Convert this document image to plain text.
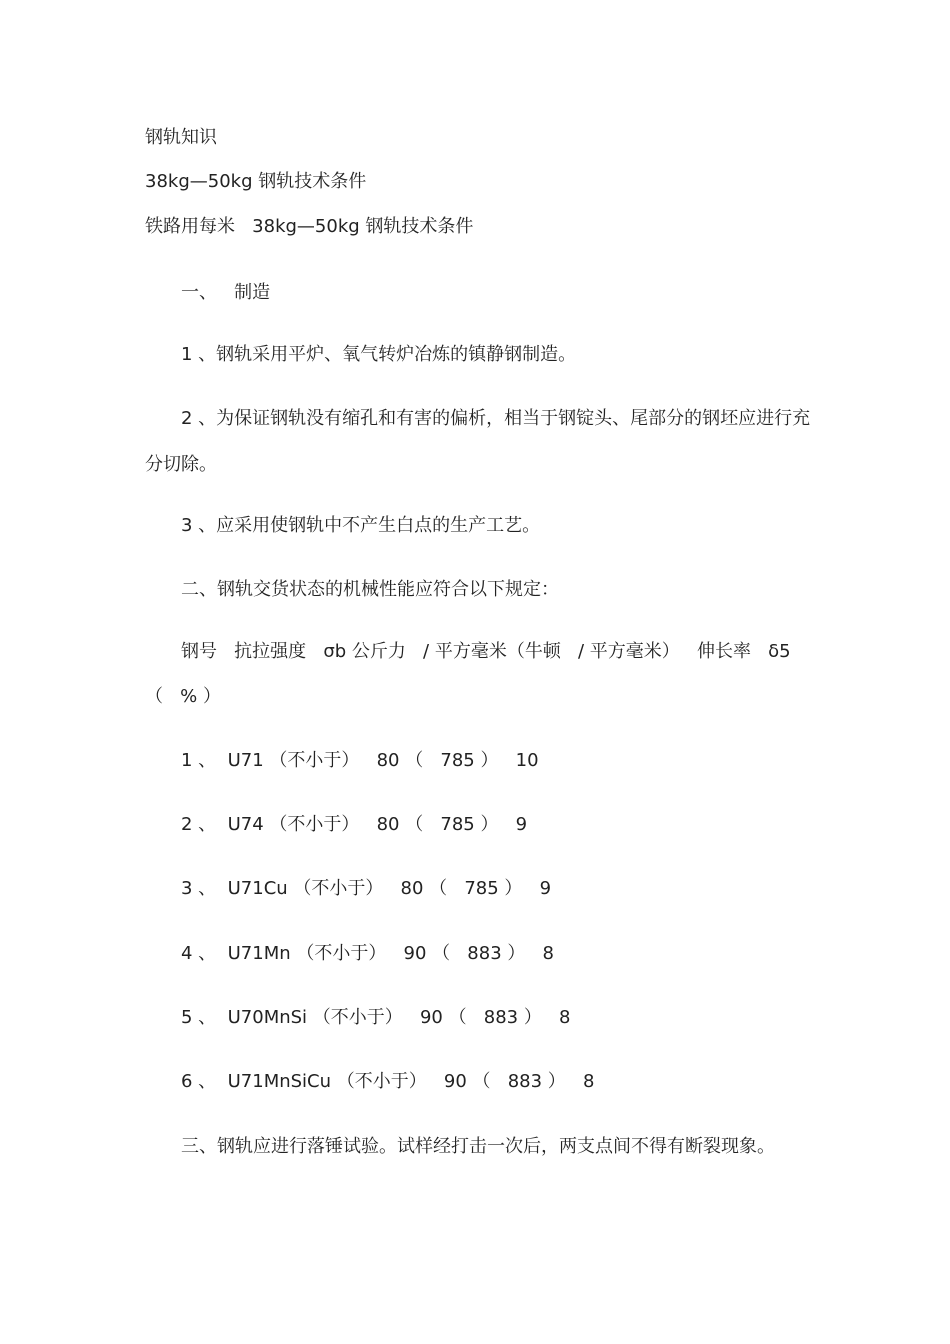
钢轨知识
38kg—50kg 钢轨技术条件
铁路用每米   38kg—50kg 钢轨技术条件
一、   制造
1 、钢轨采用平炉、氧气转炉冶炼的镇静钢制造。
2 、为保证钢轨没有缩孔和有害的偏析，相当于钢锭头、尾部分的钢坯应进行充
分切除。
3 、应采用使钢轨中不产生白点的生产工艺。
二、钢轨交货状态的机械性能应符合以下规定：
钢号   抗拉强度   σb 公斤力   / 平方毫米（牛顿   / 平方毫米）   伸长率   δ5
（   % ）
1 、  U71 （不小于）   80 （   785 ）   10
2 、  U74 （不小于）   80 （   785 ）   9
3 、  U71Cu （不小于）   80 （   785 ）   9
4 、  U71Mn （不小于）   90 （   883 ）   8
5 、  U70MnSi （不小于）   90 （   883 ）   8
6 、  U71MnSiCu （不小于）   90 （   883 ）   8
三、钢轨应进行落锤试验。试样经打击一次后，两支点间不得有断裂现象。
